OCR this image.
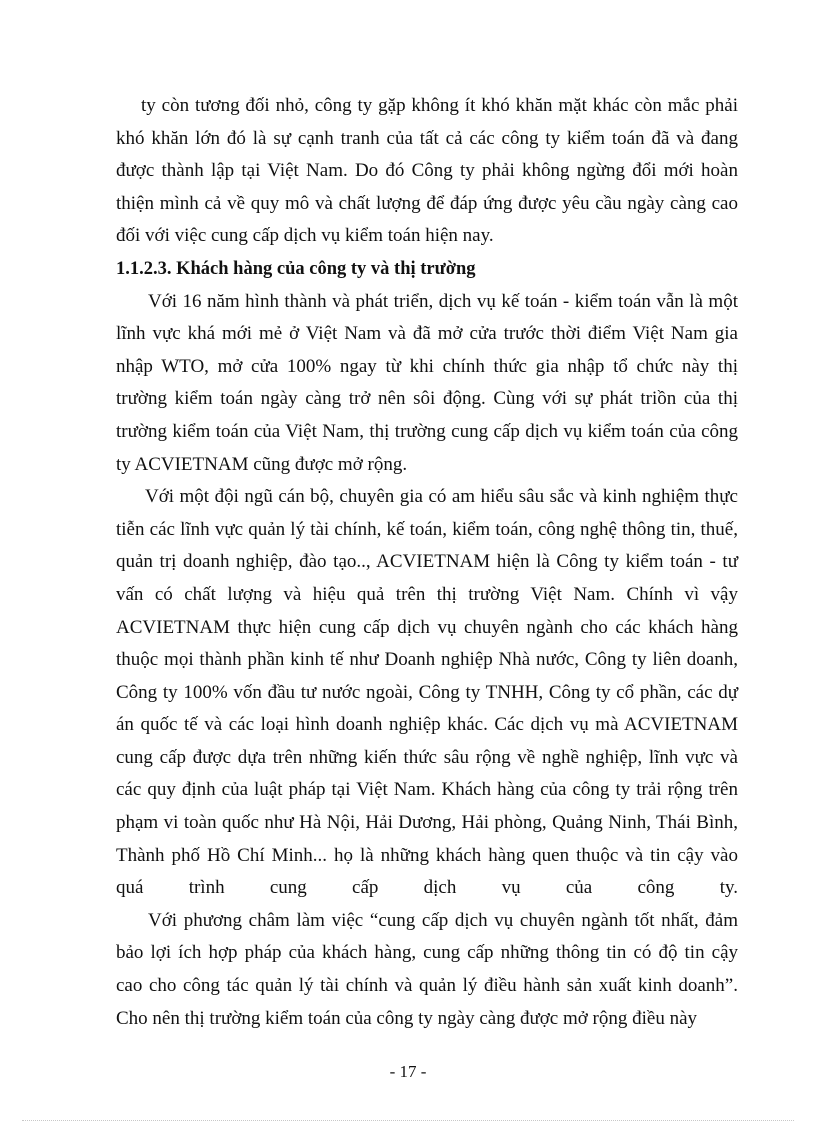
ty còn tương đối nhỏ, công ty gặp không ít khó khăn mặt khác còn mắc phải
khó khăn lớn đó là sự cạnh tranh của tất cả các công ty kiểm toán đã và đang
được thành lập tại Việt Nam. Do đó Công ty phải không ngừng đổi mới hoàn
thiện mình cả về quy mô và chất lượng để đáp ứng được yêu cầu ngày càng cao
đối với việc cung cấp dịch vụ kiểm toán hiện nay.
1.1.2.3. Khách hàng của công ty và thị trường
Với 16 năm hình thành và phát triển, dịch vụ kế toán - kiểm toán vẫn là một
lĩnh vực khá mới mẻ ở Việt Nam và đã mở cửa trước thời điểm Việt Nam gia
nhập WTO, mở cửa 100% ngay từ khi chính thức gia nhập tổ chức này thị
trường kiểm toán ngày càng trở nên sôi động. Cùng với sự phát triồn của thị
trường kiểm toán của Việt Nam, thị trường cung cấp dịch vụ kiểm toán của công
ty ACVIETNAM cũng được mở rộng.
Với một đội ngũ cán bộ, chuyên gia có am hiểu sâu sắc và kinh nghiệm thực
tiễn các lĩnh vực quản lý tài chính, kế toán, kiểm toán, công nghệ thông tin, thuế,
quản trị doanh nghiệp, đào tạo.., ACVIETNAM hiện là Công ty kiểm toán - tư
vấn có chất lượng và hiệu quả trên thị trường Việt Nam. Chính vì vậy
ACVIETNAM thực hiện cung cấp dịch vụ chuyên ngành cho các khách hàng
thuộc mọi thành phần kinh tế như Doanh nghiệp Nhà nước, Công ty liên doanh,
Công ty 100% vốn đầu tư nước ngoài, Công ty TNHH, Công ty cổ phần, các dự
án quốc tế và các loại hình doanh nghiệp khác. Các dịch vụ mà ACVIETNAM
cung cấp được dựa trên những kiến thức sâu rộng về nghề nghiệp, lĩnh vực và
các quy định của luật pháp tại Việt Nam. Khách hàng của công ty trải rộng trên
phạm vi toàn quốc như Hà Nội, Hải Dương, Hải phòng, Quảng Ninh, Thái Bình,
Thành phố Hồ Chí Minh... họ là những khách hàng quen thuộc và tin cậy vào
quá trình cung cấp dịch vụ của công ty.
Với phương châm làm việc “cung cấp dịch vụ chuyên ngành tốt nhất, đảm
bảo lợi ích hợp pháp của khách hàng, cung cấp những thông tin có độ tin cậy
cao cho công tác quản lý tài chính và quản lý điều hành sản xuất kinh doanh”.
Cho nên thị trường kiểm toán của công ty ngày càng được mở rộng điều này
- 17 -
